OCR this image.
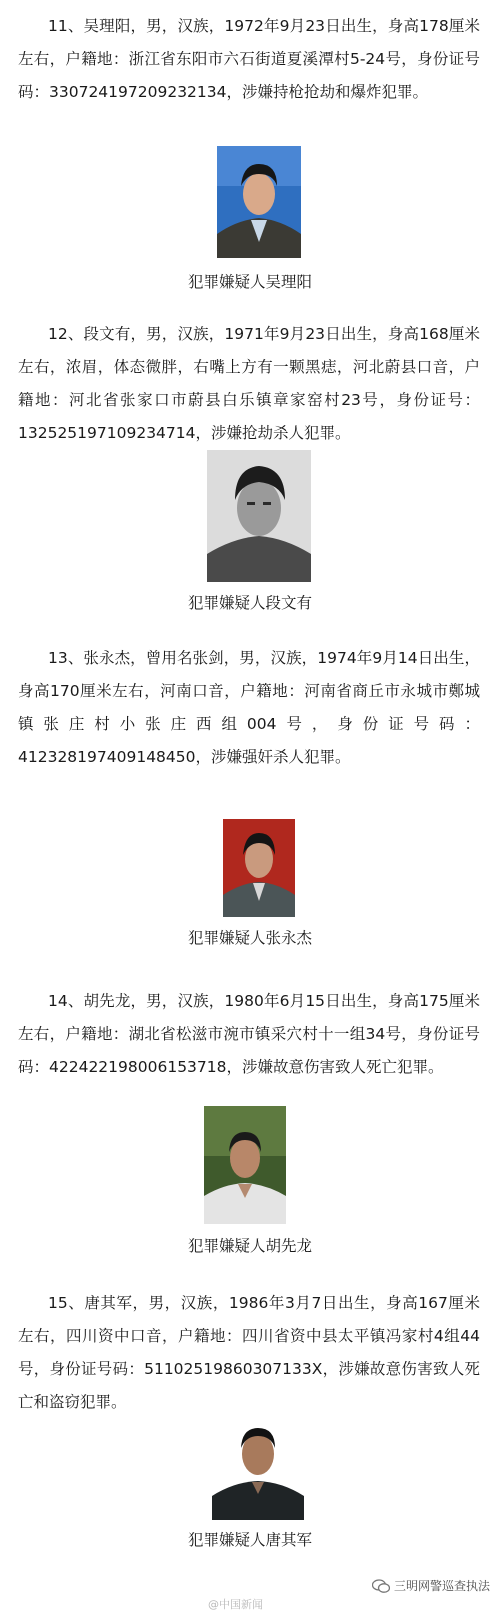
11、吴理阳，男，汉族，1972年9月23日出生，身高178厘米左右，户籍地：浙江省东阳市六石街道夏溪潭村5-24号，身份证号码：330724197209232134，涉嫌持枪抢劫和爆炸犯罪。

犯罪嫌疑人吴理阳

12、段文有，男，汉族，1971年9月23日出生，身高168厘米左右，浓眉，体态微胖，右嘴上方有一颗黑痣，河北蔚县口音，户籍地：河北省张家口市蔚县白乐镇章家窑村23号，身份证号：132525197109234714，涉嫌抢劫杀人犯罪。

犯罪嫌疑人段文有

13、张永杰，曾用名张剑，男，汉族，1974年9月14日出生，身高170厘米左右，河南口音，户籍地：河南省商丘市永城市鄭城镇张庄村小张庄西组004号，身份证号码：412328197409148450，涉嫌强奸杀人犯罪。

犯罪嫌疑人张永杰

14、胡先龙，男，汉族，1980年6月15日出生，身高175厘米左右，户籍地：湖北省松滋市涴市镇采穴村十一组34号，身份证号码：422422198006153718，涉嫌故意伤害致人死亡犯罪。

犯罪嫌疑人胡先龙

15、唐其军，男，汉族，1986年3月7日出生，身高167厘米左右，四川资中口音，户籍地：四川省资中县太平镇冯家村4组44号，身份证号码：51102519860307133X，涉嫌故意伤害致人死亡和盗窃犯罪。

犯罪嫌疑人唐其军

@中国新闻
三明网警巡查执法
